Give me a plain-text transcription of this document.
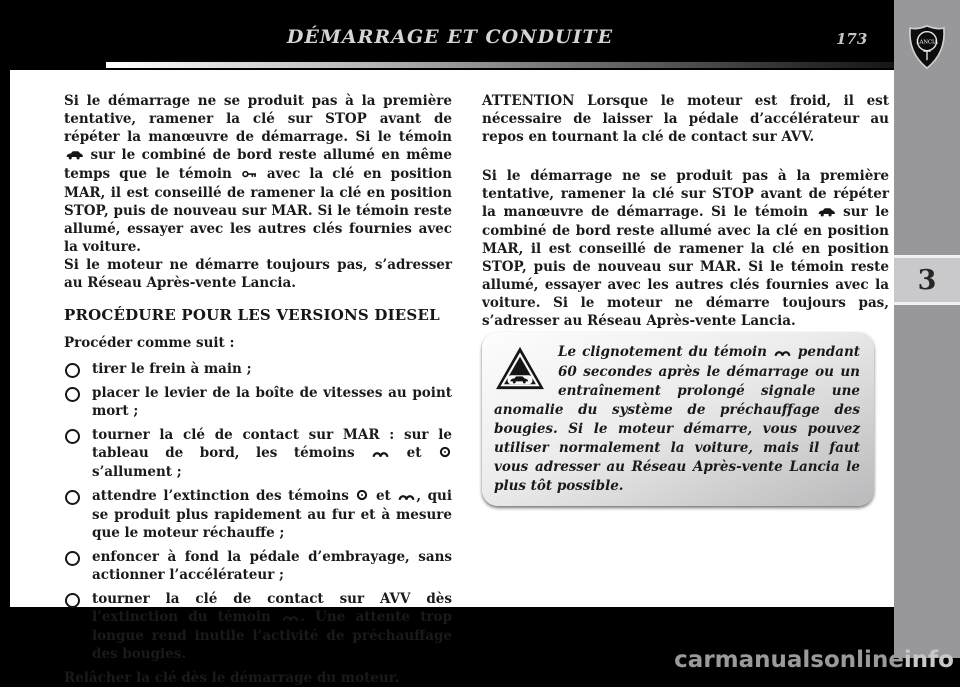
DÉMARRAGE ET CONDUITE	173

Si le démarrage ne se produit pas à la première tentative, ramener la clé sur STOP avant de répéter la manœuvre de démarrage. Si le témoin  sur le combiné de bord reste allumé en même temps que le témoin  avec la clé en position MAR, il est conseillé de ramener la clé en position STOP, puis de nouveau sur MAR. Si le témoin reste allumé, essayer avec les autres clés fournies avec la voiture.

Si le moteur ne démarre toujours pas, s’adresser au Réseau Après-vente Lancia.

PROCÉDURE POUR LES VERSIONS DIESEL

Procéder comme suit :

tirer le frein à main ;
placer le levier de la boîte de vitesses au point mort ;
tourner la clé de contact sur MAR : sur le tableau de bord, les témoins  et  s’allument ;
attendre l’extinction des témoins  et , qui se produit plus rapidement au fur et à mesure que le moteur réchauffe ;
enfoncer à fond la pédale d’embrayage, sans actionner l’accélérateur ;
tourner la clé de contact sur AVV dès l’extinction du témoin . Une attente trop longue rend inutile l’activité de préchauffage des bougies.

Relâcher la clé dès le démarrage du moteur.

ATTENTION Lorsque le moteur est froid, il est nécessaire de laisser la pédale d’accélérateur au repos en tournant la clé de contact sur AVV.

Si le démarrage ne se produit pas à la première tentative, ramener la clé sur STOP avant de répéter la manœuvre de démarrage. Si le témoin  sur le combiné de bord reste allumé avec la clé en position MAR, il est conseillé de ramener la clé en position STOP, puis de nouveau sur MAR. Si le témoin reste allumé, essayer avec les autres clés fournies avec la voiture. Si le moteur ne démarre toujours pas, s’adresser au Réseau Après-vente Lancia.

Le clignotement du témoin  pendant 60 secondes après le démarrage ou un entraînement prolongé signale une anomalie du système de préchauffage des bougies. Si le moteur démarre, vous pouvez utiliser normalement la voiture, mais il faut vous adresser au Réseau Après-vente Lancia le plus tôt possible.

LANCIA
3
carmanualsonlineinfo
